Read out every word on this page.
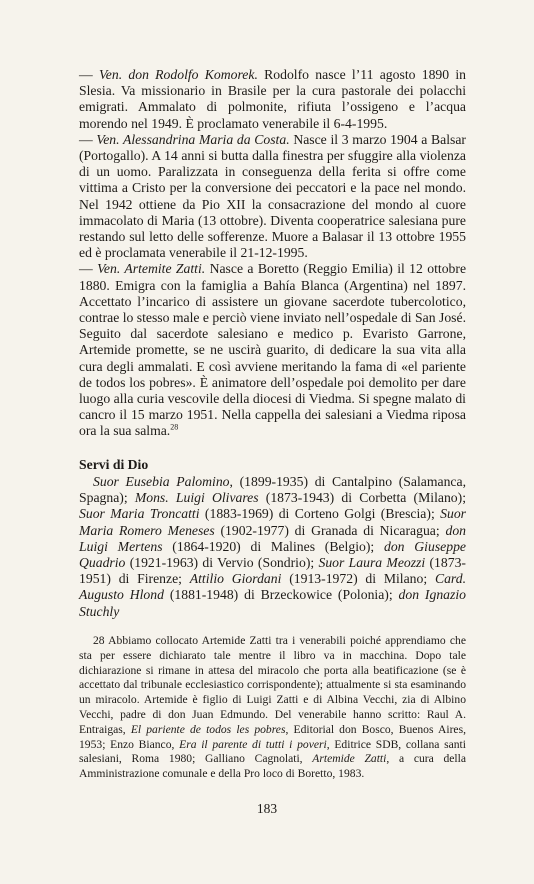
— Ven. don Rodolfo Komorek. Rodolfo nasce l’11 agosto 1890 in Slesia. Va missionario in Brasile per la cura pastorale dei polacchi emigrati. Ammalato di polmonite, rifiuta l’ossigeno e l’acqua morendo nel 1949. È proclamato venerabile il 6-4-1995.

— Ven. Alessandrina Maria da Costa. Nasce il 3 marzo 1904 a Balsar (Portogallo). A 14 anni si butta dalla finestra per sfuggire alla violenza di un uomo. Paralizzata in conseguenza della ferita si offre come vittima a Cristo per la conversione dei peccatori e la pace nel mondo. Nel 1942 ottiene da Pio XII la consacrazione del mondo al cuore immacolato di Maria (13 ottobre). Diventa cooperatrice salesiana pure restando sul letto delle sofferenze. Muore a Balasar il 13 ottobre 1955 ed è proclamata venerabile il 21-12-1995.

— Ven. Artemite Zatti. Nasce a Boretto (Reggio Emilia) il 12 ottobre 1880. Emigra con la famiglia a Bahía Blanca (Argentina) nel 1897. Accettato l’incarico di assistere un giovane sacerdote tubercolotico, contrae lo stesso male e perciò viene inviato nell’ospedale di San José. Seguito dal sacerdote salesiano e medico p. Evaristo Garrone, Artemide promette, se ne uscirà guarito, di dedicare la sua vita alla cura degli ammalati. E così avviene meritando la fama di «el pariente de todos los pobres». È animatore dell’ospedale poi demolito per dare luogo alla curia vescovile della diocesi di Viedma. Si spegne malato di cancro il 15 marzo 1951. Nella cappella dei salesiani a Viedma riposa ora la sua salma.$^{28}$

Servi di Dio
Suor Eusebia Palomino, (1899-1935) di Cantalpino (Salamanca, Spagna); Mons. Luigi Olivares (1873-1943) di Corbetta (Milano); Suor Maria Troncatti (1883-1969) di Corteno Golgi (Brescia); Suor Maria Romero Meneses (1902-1977) di Granada di Nicaragua; don Luigi Mertens (1864-1920) di Malines (Belgio); don Giuseppe Quadrio (1921-1963) di Vervio (Sondrio); Suor Laura Meozzi (1873-1951) di Firenze; Attilio Giordani (1913-1972) di Milano; Card. Augusto Hlond (1881-1948) di Brzeckowice (Polonia); don Ignazio Stuchly
28 Abbiamo collocato Artemide Zatti tra i venerabili poiché apprendiamo che sta per essere dichiarato tale mentre il libro va in macchina. Dopo tale dichiarazione si rimane in attesa del miracolo che porta alla beatificazione (se è accettato dal tribunale ecclesiastico corrispondente); attualmente si sta esaminando un miracolo. Artemide è figlio di Luigi Zatti e di Albina Vecchi, zia di Albino Vecchi, padre di don Juan Edmundo. Del venerabile hanno scritto: Raul A. Entraigas, El pariente de todos les pobres, Editorial don Bosco, Buenos Aires, 1953; Enzo Bianco, Era il parente di tutti i poveri, Editrice SDB, collana santi salesiani, Roma 1980; Galliano Cagnolati, Artemide Zatti, a cura della Amministrazione comunale e della Pro loco di Boretto, 1983.
183
